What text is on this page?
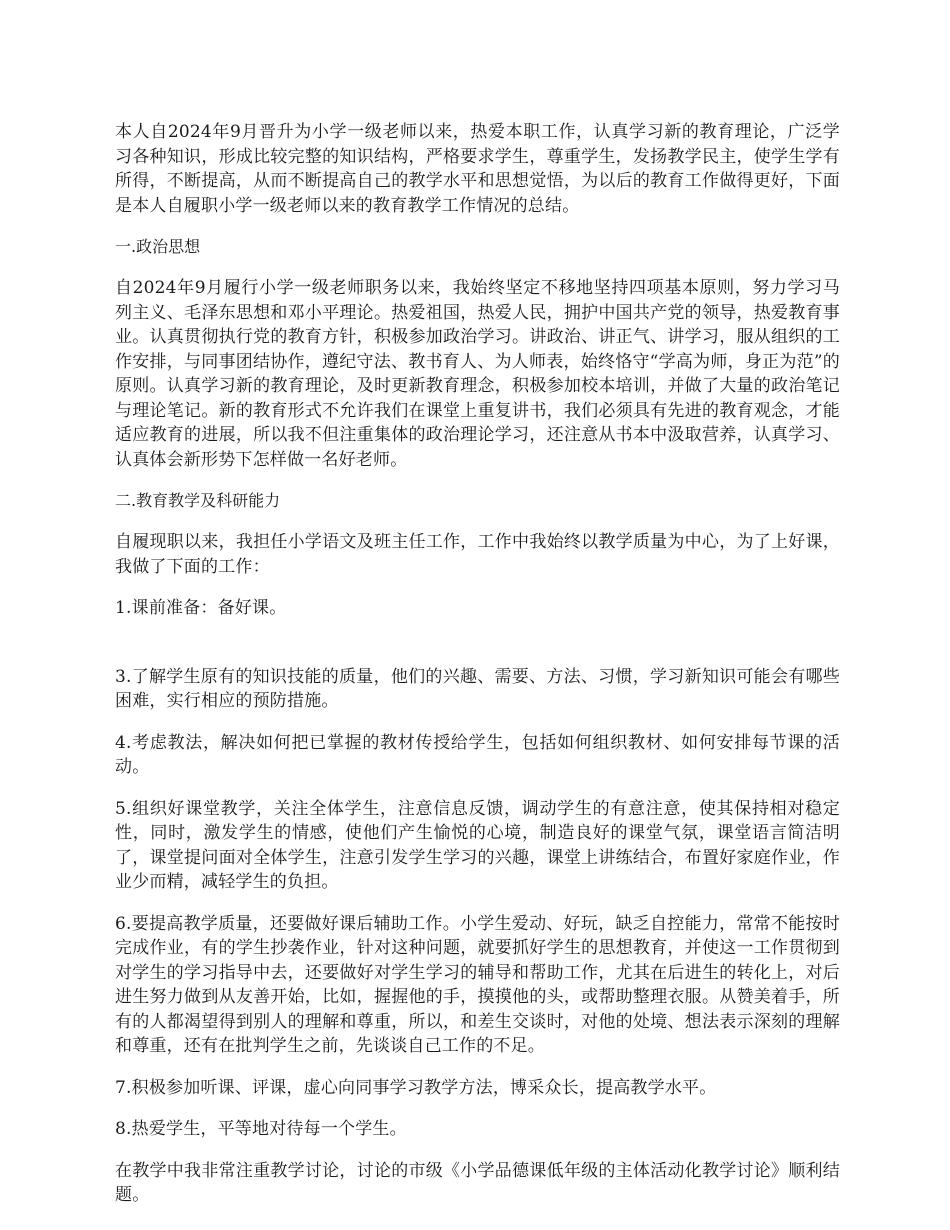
本人自2024年9月晋升为小学一级老师以来，热爱本职工作，认真学习新的教育理论，广泛学习各种知识，形成比较完整的知识结构，严格要求学生，尊重学生，发扬教学民主，使学生学有所得，不断提高，从而不断提高自己的教学水平和思想觉悟，为以后的教育工作做得更好，下面是本人自履职小学一级老师以来的教育教学工作情况的总结。

一.政治思想

自2024年9月履行小学一级老师职务以来，我始终坚定不移地坚持四项基本原则，努力学习马列主义、毛泽东思想和邓小平理论。热爱祖国，热爱人民，拥护中国共产党的领导，热爱教育事业。认真贯彻执行党的教育方针，积极参加政治学习。讲政治、讲正气、讲学习，服从组织的工作安排，与同事团结协作，遵纪守法、教书育人、为人师表，始终恪守“学高为师，身正为范”的原则。认真学习新的教育理论，及时更新教育理念，积极参加校本培训，并做了大量的政治笔记与理论笔记。新的教育形式不允许我们在课堂上重复讲书，我们必须具有先进的教育观念，才能适应教育的进展，所以我不但注重集体的政治理论学习，还注意从书本中汲取营养，认真学习、认真体会新形势下怎样做一名好老师。

二.教育教学及科研能力

自履现职以来，我担任小学语文及班主任工作，工作中我始终以教学质量为中心，为了上好课，我做了下面的工作：

1.课前准备：备好课。

3.了解学生原有的知识技能的质量，他们的兴趣、需要、方法、习惯，学习新知识可能会有哪些困难，实行相应的预防措施。

4.考虑教法，解决如何把已掌握的教材传授给学生，包括如何组织教材、如何安排每节课的活动。

5.组织好课堂教学，关注全体学生，注意信息反馈，调动学生的有意注意，使其保持相对稳定性，同时，激发学生的情感，使他们产生愉悦的心境，制造良好的课堂气氛，课堂语言简洁明了，课堂提问面对全体学生，注意引发学生学习的兴趣，课堂上讲练结合，布置好家庭作业，作业少而精，减轻学生的负担。

6.要提高教学质量，还要做好课后辅助工作。小学生爱动、好玩，缺乏自控能力，常常不能按时完成作业，有的学生抄袭作业，针对这种问题，就要抓好学生的思想教育，并使这一工作贯彻到对学生的学习指导中去，还要做好对学生学习的辅导和帮助工作，尤其在后进生的转化上，对后进生努力做到从友善开始，比如，握握他的手，摸摸他的头，或帮助整理衣服。从赞美着手，所有的人都渴望得到别人的理解和尊重，所以，和差生交谈时，对他的处境、想法表示深刻的理解和尊重，还有在批判学生之前，先谈谈自己工作的不足。

7.积极参加听课、评课，虚心向同事学习教学方法，博采众长，提高教学水平。

8.热爱学生，平等地对待每一个学生。

在教学中我非常注重教学讨论，讨论的市级《小学品德课低年级的主体活动化教学讨论》顺利结题。
